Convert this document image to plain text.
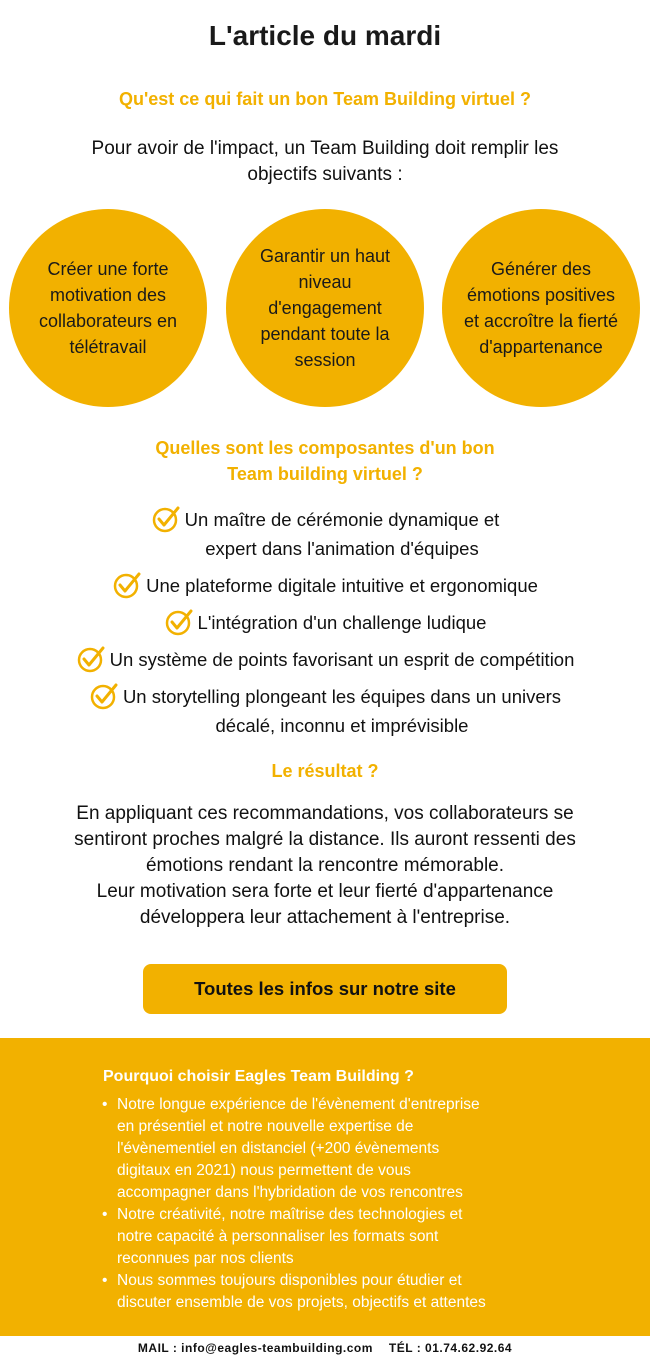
L'article du mardi
Qu'est ce qui fait un bon Team Building virtuel ?
Pour avoir de l'impact, un Team Building doit remplir les
objectifs suivants :
Créer une forte motivation des collaborateurs en télétravail
Garantir un haut niveau d'engagement pendant toute la session
Générer des émotions positives et accroître la fierté d'appartenance
Quelles sont les composantes d'un bon
Team building virtuel ?
Un maître de cérémonie dynamique et
expert dans l'animation d'équipes
Une plateforme digitale intuitive et ergonomique
L'intégration d'un challenge ludique
Un système de points favorisant un esprit de compétition
Un storytelling plongeant les équipes dans un univers
décalé, inconnu et imprévisible
Le résultat ?
En appliquant ces recommandations, vos collaborateurs se
sentiront proches malgré la distance. Ils auront ressenti des
émotions rendant la rencontre mémorable.
Leur motivation sera forte et leur fierté d'appartenance
développera leur attachement à l'entreprise.
Toutes les infos sur notre site
Pourquoi choisir Eagles Team Building ?
• Notre longue expérience de l'évènement d'entreprise
en présentiel et notre nouvelle expertise de
l'évènementiel en distanciel (+200 évènements
digitaux en 2021) nous permettent de vous
accompagner dans l'hybridation de vos rencontres
• Notre créativité, notre maîtrise des technologies et
notre capacité à personnaliser les formats sont
reconnues par nos clients
• Nous sommes toujours disponibles pour étudier et
discuter ensemble de vos projets, objectifs et attentes
MAIL : info@eagles-teambuilding.com TÉL : 01.74.62.92.64
